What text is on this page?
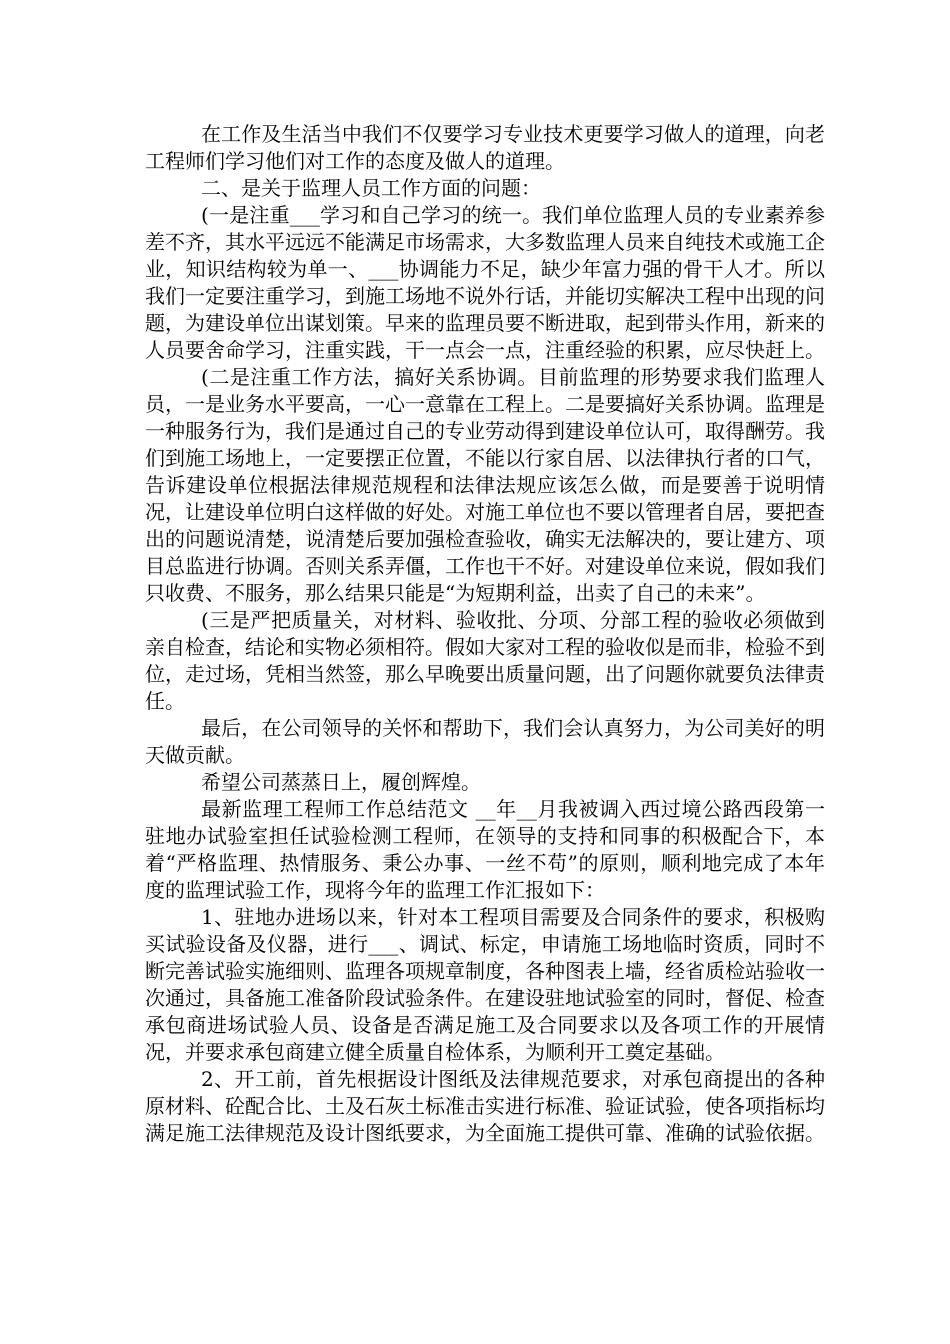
在工作及生活当中我们不仅要学习专业技术更要学习做人的道理，向老工程师们学习他们对工作的态度及做人的道理。

二、是关于监理人员工作方面的问题：

(一是注重___学习和自己学习的统一。我们单位监理人员的专业素养参差不齐，其水平远远不能满足市场需求，大多数监理人员来自纯技术或施工企业，知识结构较为单一、___协调能力不足，缺少年富力强的骨干人才。所以我们一定要注重学习，到施工场地不说外行话，并能切实解决工程中出现的问题，为建设单位出谋划策。早来的监理员要不断进取，起到带头作用，新来的人员要舍命学习，注重实践，干一点会一点，注重经验的积累，应尽快赶上。

(二是注重工作方法，搞好关系协调。目前监理的形势要求我们监理人员，一是业务水平要高，一心一意靠在工程上。二是要搞好关系协调。监理是一种服务行为，我们是通过自己的专业劳动得到建设单位认可，取得酬劳。我们到施工场地上，一定要摆正位置，不能以行家自居、以法律执行者的口气，告诉建设单位根据法律规范规程和法律法规应该怎么做，而是要善于说明情况，让建设单位明白这样做的好处。对施工单位也不要以管理者自居，要把查出的问题说清楚，说清楚后要加强检查验收，确实无法解决的，要让建方、项目总监进行协调。否则关系弄僵，工作也干不好。对建设单位来说，假如我们只收费、不服务，那么结果只能是“为短期利益，出卖了自己的未来”。

(三是严把质量关，对材料、验收批、分项、分部工程的验收必须做到亲自检查，结论和实物必须相符。假如大家对工程的验收似是而非，检验不到位，走过场，凭相当然签，那么早晚要出质量问题，出了问题你就要负法律责任。

最后，在公司领导的关怀和帮助下，我们会认真努力，为公司美好的明天做贡献。

希望公司蒸蒸日上，履创辉煌。

最新监理工程师工作总结范文 __年__月我被调入西过境公路西段第一驻地办试验室担任试验检测工程师，在领导的支持和同事的积极配合下，本着“严格监理、热情服务、秉公办事、一丝不苟”的原则，顺利地完成了本年度的监理试验工作，现将今年的监理工作汇报如下：

1、驻地办进场以来，针对本工程项目需要及合同条件的要求，积极购买试验设备及仪器，进行___、调试、标定，申请施工场地临时资质，同时不断完善试验实施细则、监理各项规章制度，各种图表上墙，经省质检站验收一次通过，具备施工准备阶段试验条件。在建设驻地试验室的同时，督促、检查承包商进场试验人员、设备是否满足施工及合同要求以及各项工作的开展情况，并要求承包商建立健全质量自检体系，为顺利开工奠定基础。

2、开工前，首先根据设计图纸及法律规范要求，对承包商提出的各种原材料、砼配合比、土及石灰土标准击实进行标准、验证试验，使各项指标均满足施工法律规范及设计图纸要求，为全面施工提供可靠、准确的试验依据。
